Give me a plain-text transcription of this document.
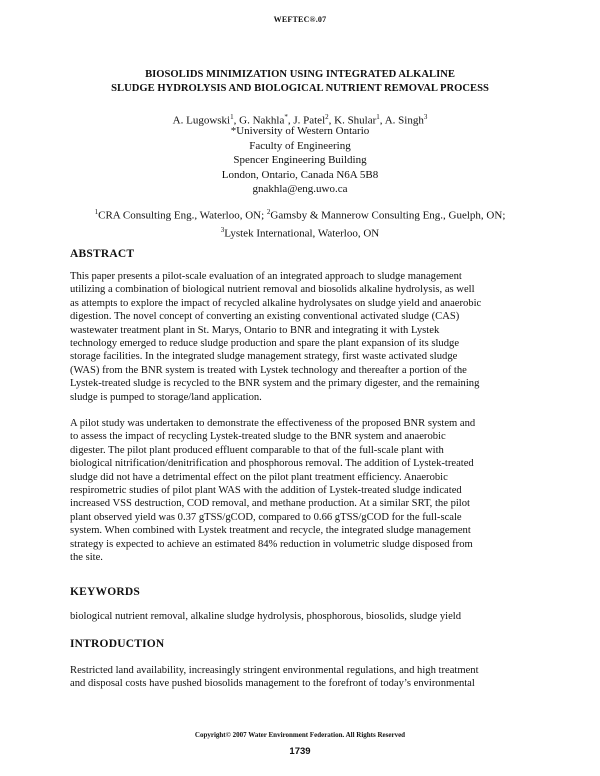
WEFTEC®.07
BIOSOLIDS MINIMIZATION USING INTEGRATED ALKALINE
SLUDGE HYDROLYSIS AND BIOLOGICAL NUTRIENT REMOVAL PROCESS
A. Lugowski$^1$, G. Nakhla*, J. Patel$^2$, K. Shular$^1$, A. Singh$^3$
*University of Western Ontario
Faculty of Engineering
Spencer Engineering Building
London, Ontario, Canada N6A 5B8
gnakhla@eng.uwo.ca
$^1$CRA Consulting Eng., Waterloo, ON; $^2$Gamsby & Mannerow Consulting Eng., Guelph, ON;
$^3$Lystek International, Waterloo, ON
ABSTRACT
This paper presents a pilot-scale evaluation of an integrated approach to sludge management
utilizing a combination of biological nutrient removal and biosolids alkaline hydrolysis, as well
as attempts to explore the impact of recycled alkaline hydrolysates on sludge yield and anaerobic
digestion. The novel concept of converting an existing conventional activated sludge (CAS)
wastewater treatment plant in St. Marys, Ontario to BNR and integrating it with Lystek
technology emerged to reduce sludge production and spare the plant expansion of its sludge
storage facilities. In the integrated sludge management strategy, first waste activated sludge
(WAS) from the BNR system is treated with Lystek technology and thereafter a portion of the
Lystek-treated sludge is recycled to the BNR system and the primary digester, and the remaining
sludge is pumped to storage/land application.
A pilot study was undertaken to demonstrate the effectiveness of the proposed BNR system and
to assess the impact of recycling Lystek-treated sludge to the BNR system and anaerobic
digester. The pilot plant produced effluent comparable to that of the full-scale plant with
biological nitrification/denitrification and phosphorous removal. The addition of Lystek-treated
sludge did not have a detrimental effect on the pilot plant treatment efficiency. Anaerobic
respirometric studies of pilot plant WAS with the addition of Lystek-treated sludge indicated
increased VSS destruction, COD removal, and methane production. At a similar SRT, the pilot
plant observed yield was 0.37 gTSS/gCOD, compared to 0.66 gTSS/gCOD for the full-scale
system. When combined with Lystek treatment and recycle, the integrated sludge management
strategy is expected to achieve an estimated 84% reduction in volumetric sludge disposed from
the site.
KEYWORDS
biological nutrient removal, alkaline sludge hydrolysis, phosphorous, biosolids, sludge yield
INTRODUCTION
Restricted land availability, increasingly stringent environmental regulations, and high treatment
and disposal costs have pushed biosolids management to the forefront of today’s environmental
Copyright© 2007 Water Environment Federation. All Rights Reserved
1739
